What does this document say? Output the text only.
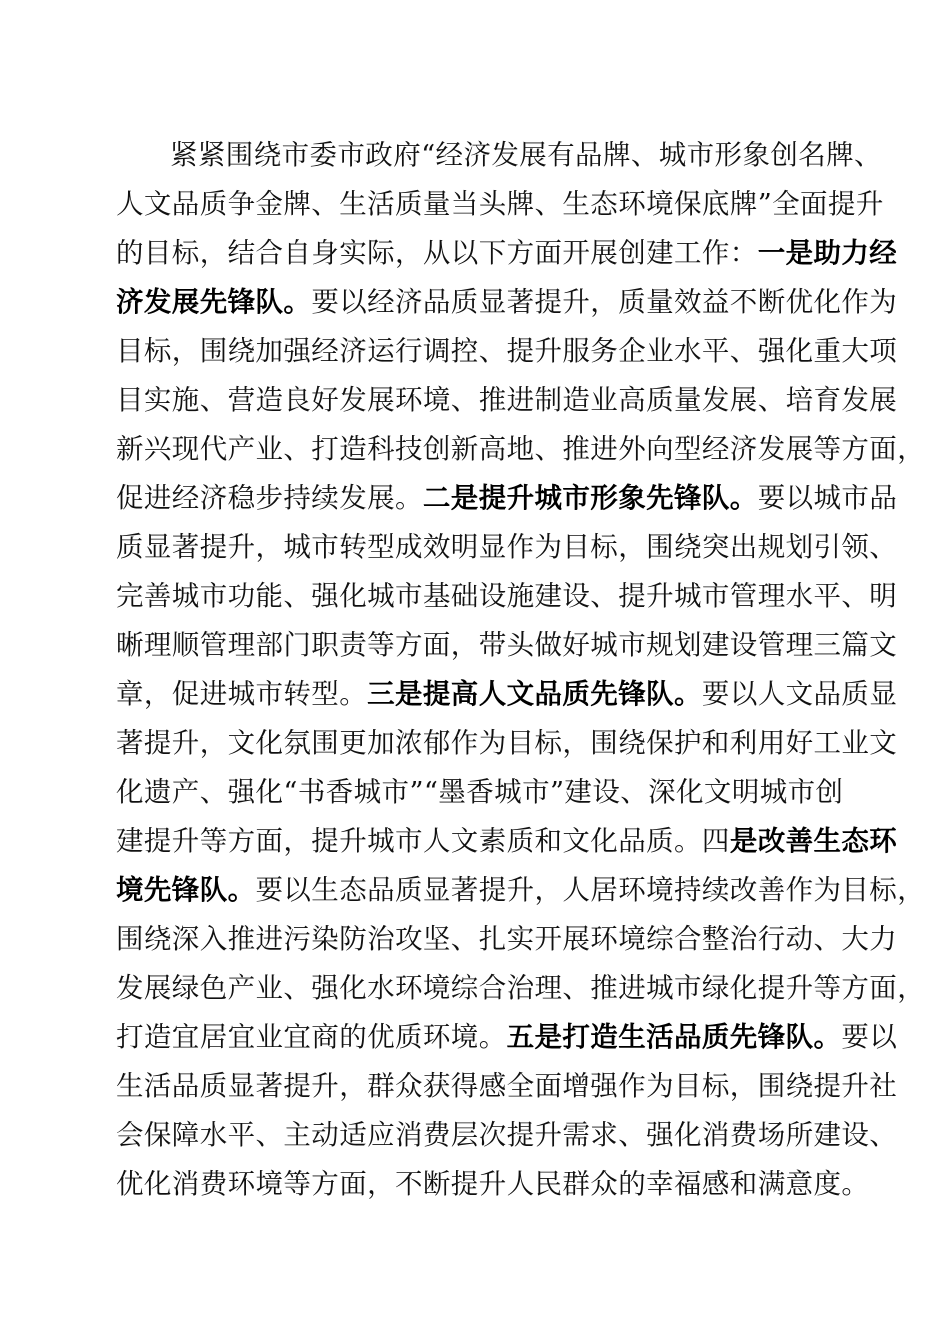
紧紧围绕市委市政府“经济发展有品牌、城市形象创名牌、
人文品质争金牌、生活质量当头牌、生态环境保底牌”全面提升
的目标，结合自身实际，从以下方面开展创建工作：一是助力经
济发展先锋队。要以经济品质显著提升，质量效益不断优化作为
目标，围绕加强经济运行调控、提升服务企业水平、强化重大项
目实施、营造良好发展环境、推进制造业高质量发展、培育发展
新兴现代产业、打造科技创新高地、推进外向型经济发展等方面，
促进经济稳步持续发展。二是提升城市形象先锋队。要以城市品
质显著提升，城市转型成效明显作为目标，围绕突出规划引领、
完善城市功能、强化城市基础设施建设、提升城市管理水平、明
晰理顺管理部门职责等方面，带头做好城市规划建设管理三篇文
章，促进城市转型。三是提高人文品质先锋队。要以人文品质显
著提升，文化氛围更加浓郁作为目标，围绕保护和利用好工业文
化遗产、强化“书香城市”“墨香城市”建设、深化文明城市创
建提升等方面，提升城市人文素质和文化品质。四是改善生态环
境先锋队。要以生态品质显著提升，人居环境持续改善作为目标，
围绕深入推进污染防治攻坚、扎实开展环境综合整治行动、大力
发展绿色产业、强化水环境综合治理、推进城市绿化提升等方面，
打造宜居宜业宜商的优质环境。五是打造生活品质先锋队。要以
生活品质显著提升，群众获得感全面增强作为目标，围绕提升社
会保障水平、主动适应消费层次提升需求、强化消费场所建设、
优化消费环境等方面，不断提升人民群众的幸福感和满意度。
